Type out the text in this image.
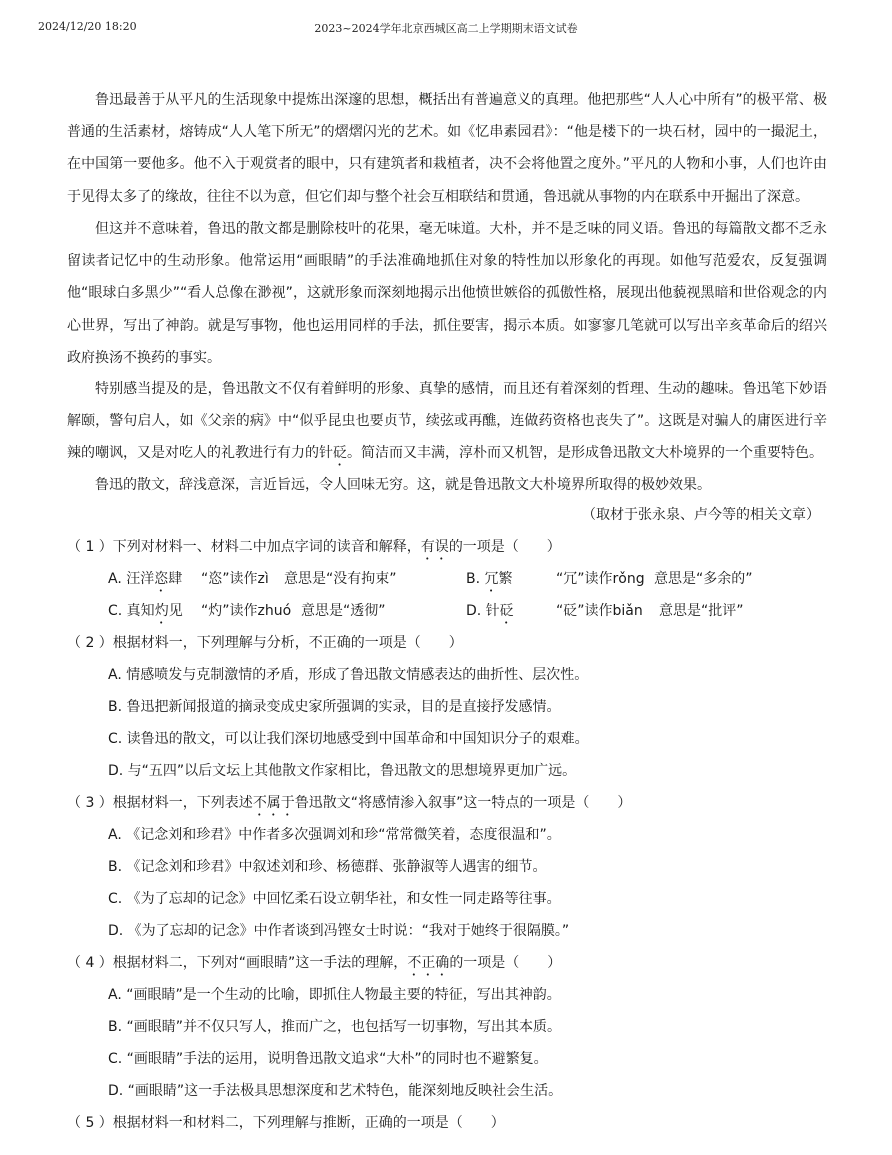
2024/12/20 18:20	2023~2024学年北京西城区高二上学期期末语文试卷

鲁迅最善于从平凡的生活现象中提炼出深邃的思想，概括出有普遍意义的真理。他把那些“人人心中所有”的极平常、极普通的生活素材，熔铸成“人人笔下所无”的熠熠闪光的艺术。如《忆串素园君》：“他是楼下的一块石材，园中的一撮泥土，在中国第一要他多。他不入于观赏者的眼中，只有建筑者和栽植者，决不会将他置之度外。”平凡的人物和小事，人们也许由于见得太多了的缘故，往往不以为意，但它们却与整个社会互相联结和贯通，鲁迅就从事物的内在联系中开掘出了深意。

但这并不意味着，鲁迅的散文都是删除枝叶的花果，毫无味道。大朴，并不是乏味的同义语。鲁迅的每篇散文都不乏永留读者记忆中的生动形象。他常运用“画眼睛”的手法准确地抓住对象的特性加以形象化的再现。如他写范爱农，反复强调他“眼球白多黑少”“看人总像在渺视”，这就形象而深刻地揭示出他愤世嫉俗的孤傲性格，展现出他藐视黑暗和世俗观念的内心世界，写出了神韵。就是写事物，他也运用同样的手法，抓住要害，揭示本质。如寥寥几笔就可以写出辛亥革命后的绍兴政府换汤不换药的事实。

特别感当提及的是，鲁迅散文不仅有着鲜明的形象、真挚的感情，而且还有着深刻的哲理、生动的趣味。鲁迅笔下妙语解颐，警句启人，如《父亲的病》中“似乎昆虫也要贞节，续弦或再醮，连做药资格也丧失了”。这既是对骗人的庸医进行辛辣的嘲讽，又是对吃人的礼教进行有力的针砭。简洁而又丰满，淳朴而又机智，是形成鲁迅散文大朴境界的一个重要特色。

鲁迅的散文，辞浅意深，言近旨远，令人回味无穷。这，就是鲁迅散文大朴境界所取得的极妙效果。

（取材于张永泉、卢今等的相关文章）
（ 1 ）下列对材料一、材料二中加点字词的读音和解释，有误的一项是（　　）
A. 汪洋恣肆 “恣”读作zì 意思是“没有拘束”	B. 冗繁	“冗”读作rǒng 意思是“多余的”
C. 真知灼见 “灼”读作zhuó 意思是“透彻”	D. 针砭	“砭”读作biǎn 意思是“批评”
（ 2 ）根据材料一，下列理解与分析，不正确的一项是（　　）
A. 情感喷发与克制激情的矛盾，形成了鲁迅散文情感表达的曲折性、层次性。
B. 鲁迅把新闻报道的摘录变成史家所强调的实录，目的是直接抒发感情。
C. 读鲁迅的散文，可以让我们深切地感受到中国革命和中国知识分子的艰难。
D. 与“五四”以后文坛上其他散文作家相比，鲁迅散文的思想境界更加广远。
（ 3 ）根据材料一，下列表述不属于鲁迅散文“将感情渗入叙事”这一特点的一项是（　　）
A. 《记念刘和珍君》中作者多次强调刘和珍“常常微笑着，态度很温和”。
B. 《记念刘和珍君》中叙述刘和珍、杨德群、张静淑等人遇害的细节。
C. 《为了忘却的记念》中回忆柔石设立朝华社，和女性一同走路等往事。
D. 《为了忘却的记念》中作者谈到冯铿女士时说：“我对于她终于很隔膜。”
（ 4 ）根据材料二，下列对“画眼睛”这一手法的理解，不正确的一项是（　　）
A. “画眼睛”是一个生动的比喻，即抓住人物最主要的特征，写出其神韵。
B. “画眼睛”并不仅只写人，推而广之，也包括写一切事物，写出其本质。
C. “画眼睛”手法的运用，说明鲁迅散文追求“大朴”的同时也不避繁复。
D. “画眼睛”这一手法极具思想深度和艺术特色，能深刻地反映社会生活。
（ 5 ）根据材料一和材料二，下列理解与推断，正确的一项是（　　）
